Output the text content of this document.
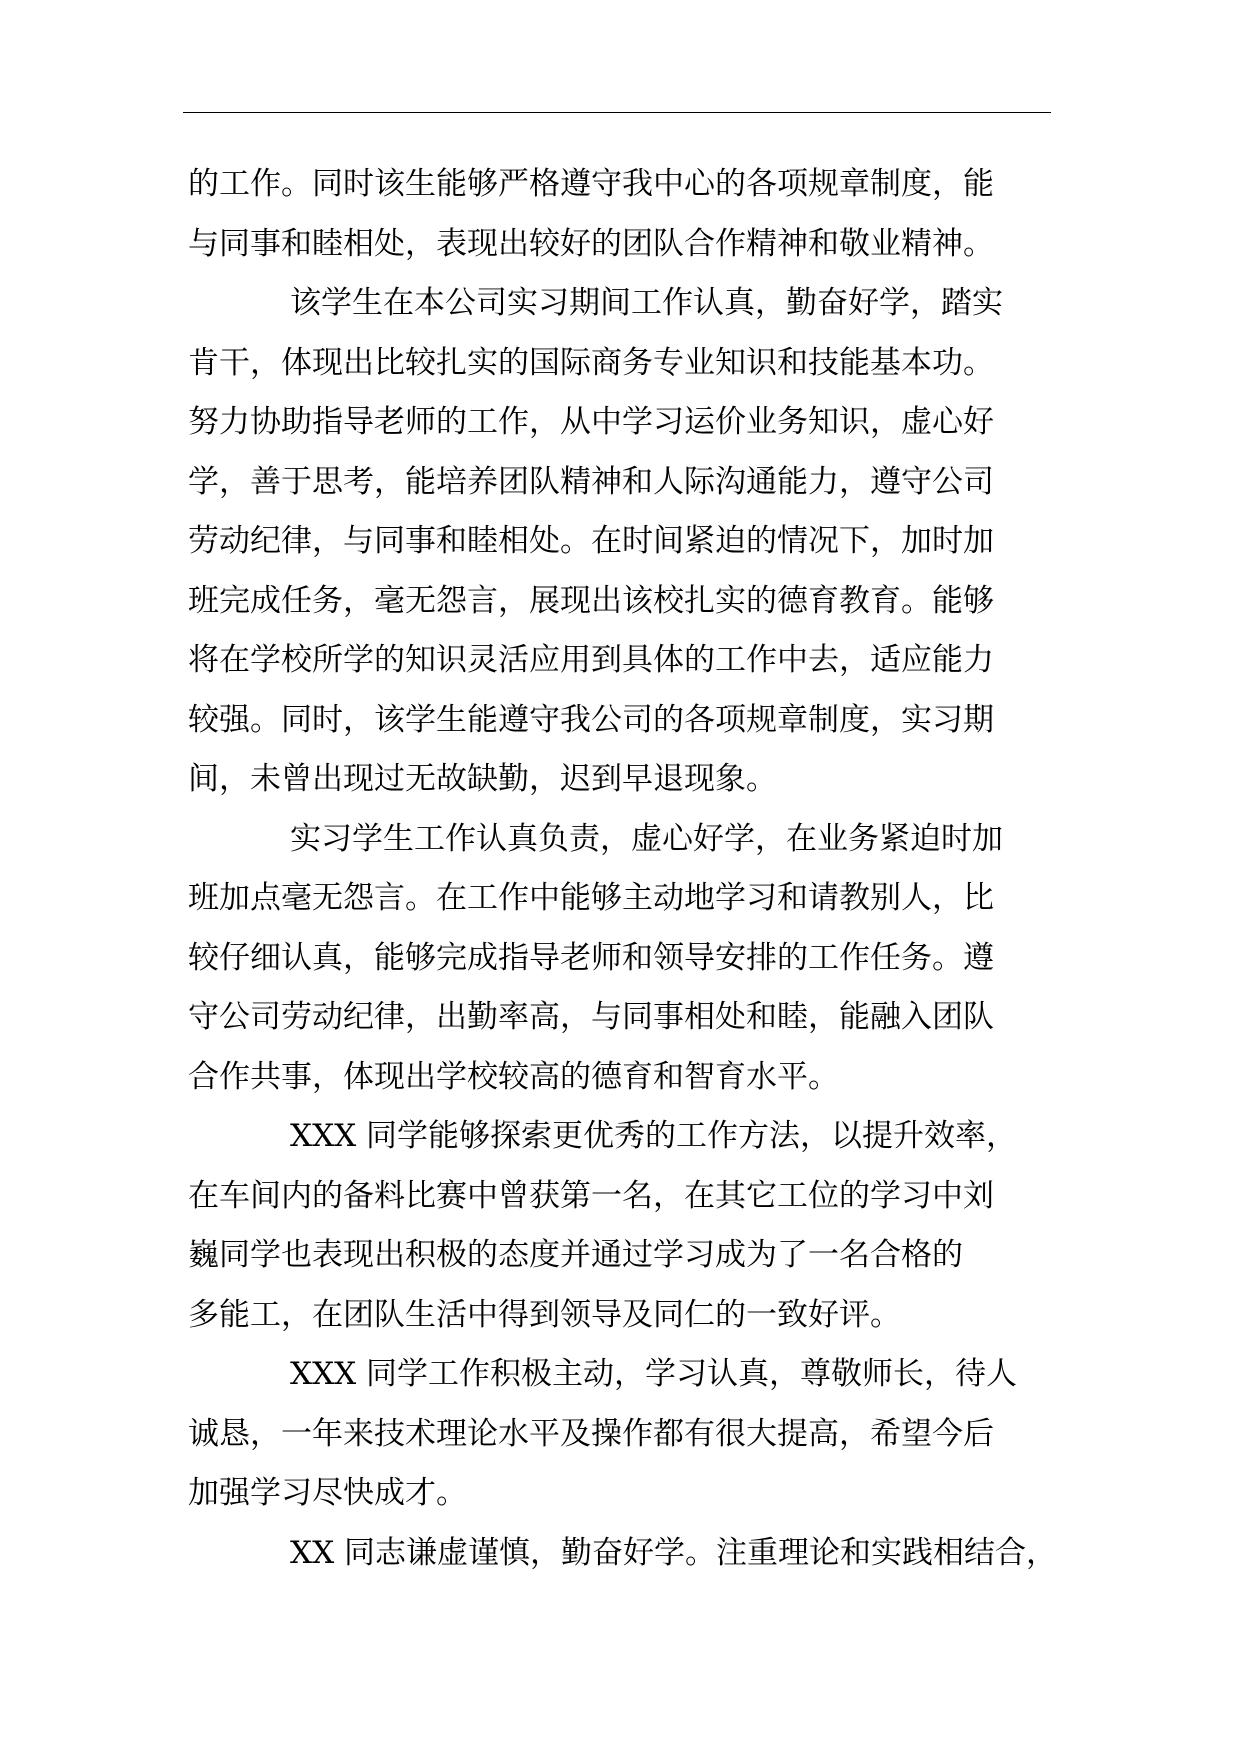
的工作。同时该生能够严格遵守我中心的各项规章制度，能
与同事和睦相处，表现出较好的团队合作精神和敬业精神。
该学生在本公司实习期间工作认真，勤奋好学，踏实
肯干，体现出比较扎实的国际商务专业知识和技能基本功。
努力协助指导老师的工作，从中学习运价业务知识，虚心好
学，善于思考，能培养团队精神和人际沟通能力，遵守公司
劳动纪律，与同事和睦相处。在时间紧迫的情况下，加时加
班完成任务，毫无怨言，展现出该校扎实的德育教育。能够
将在学校所学的知识灵活应用到具体的工作中去，适应能力
较强。同时，该学生能遵守我公司的各项规章制度，实习期
间，未曾出现过无故缺勤，迟到早退现象。
实习学生工作认真负责，虚心好学，在业务紧迫时加
班加点毫无怨言。在工作中能够主动地学习和请教别人，比
较仔细认真，能够完成指导老师和领导安排的工作任务。遵
守公司劳动纪律，出勤率高，与同事相处和睦，能融入团队
合作共事，体现出学校较高的德育和智育水平。
XXX 同学能够探索更优秀的工作方法，以提升效率，
在车间内的备料比赛中曾获第一名，在其它工位的学习中刘
巍同学也表现出积极的态度并通过学习成为了一名合格的
多能工，在团队生活中得到领导及同仁的一致好评。
XXX 同学工作积极主动，学习认真，尊敬师长，待人
诚恳，一年来技术理论水平及操作都有很大提高，希望今后
加强学习尽快成才。
XX 同志谦虚谨慎，勤奋好学。注重理论和实践相结合，
